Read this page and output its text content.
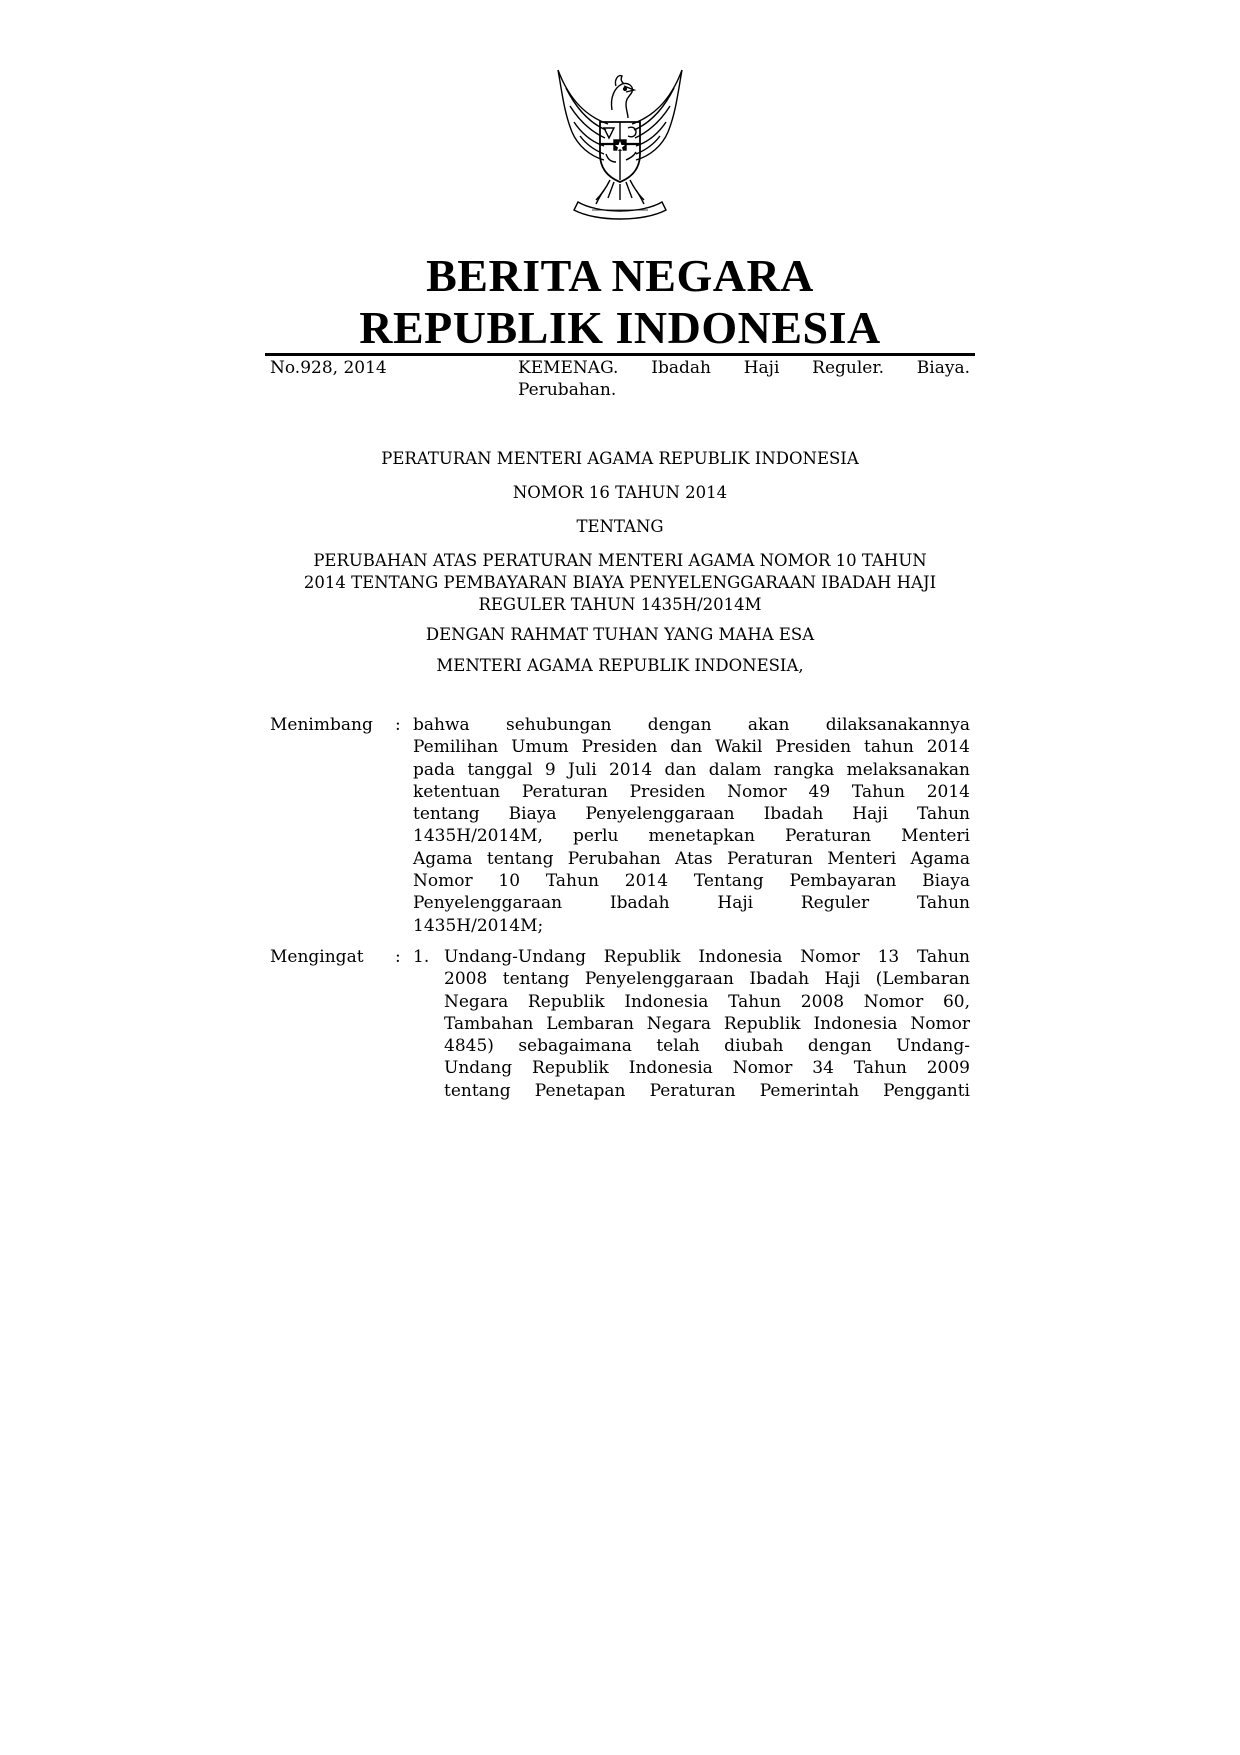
BERITA NEGARA
REPUBLIK INDONESIA
No.928, 2014	KEMENAG. Ibadah Haji Reguler. Biaya.
Perubahan.
PERATURAN MENTERI AGAMA REPUBLIK INDONESIA
NOMOR 16 TAHUN 2014
TENTANG
PERUBAHAN ATAS PERATURAN MENTERI AGAMA NOMOR 10 TAHUN
2014 TENTANG PEMBAYARAN BIAYA PENYELENGGARAAN IBADAH HAJI
REGULER TAHUN 1435H/2014M
DENGAN RAHMAT TUHAN YANG MAHA ESA
MENTERI AGAMA REPUBLIK INDONESIA,
Menimbang : bahwa sehubungan dengan akan dilaksanakannya
Pemilihan Umum Presiden dan Wakil Presiden tahun 2014
pada tanggal 9 Juli 2014 dan dalam rangka melaksanakan
ketentuan Peraturan Presiden Nomor 49 Tahun 2014
tentang Biaya Penyelenggaraan Ibadah Haji Tahun
1435H/2014M, perlu menetapkan Peraturan Menteri
Agama tentang Perubahan Atas Peraturan Menteri Agama
Nomor 10 Tahun 2014 Tentang Pembayaran Biaya
Penyelenggaraan Ibadah Haji Reguler Tahun
1435H/2014M;
Mengingat : 1. Undang-Undang Republik Indonesia Nomor 13 Tahun
2008 tentang Penyelenggaraan Ibadah Haji (Lembaran
Negara Republik Indonesia Tahun 2008 Nomor 60,
Tambahan Lembaran Negara Republik Indonesia Nomor
4845) sebagaimana telah diubah dengan Undang-
Undang Republik Indonesia Nomor 34 Tahun 2009
tentang Penetapan Peraturan Pemerintah Pengganti
